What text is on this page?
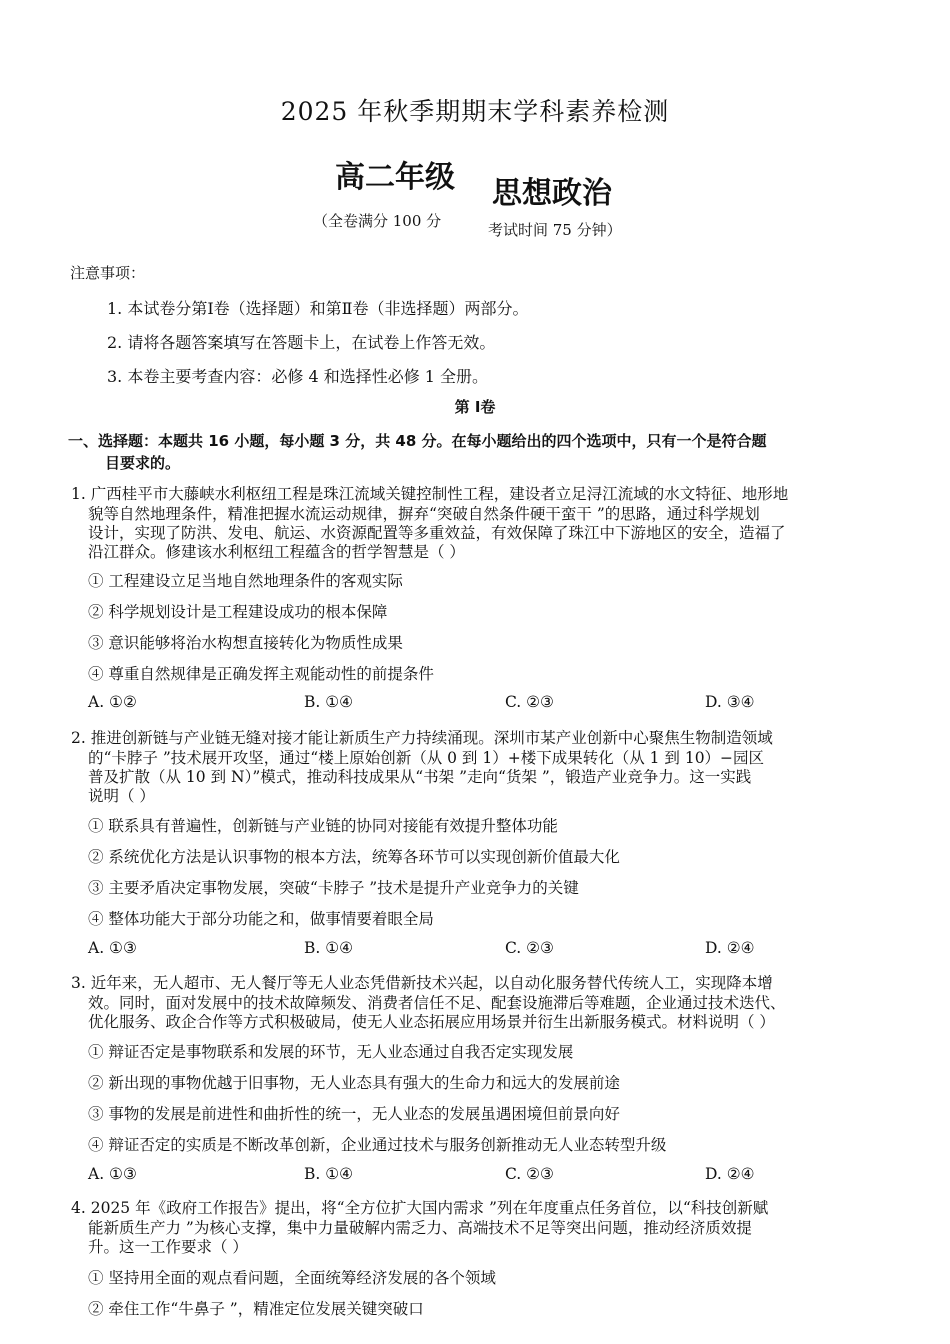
2025 年秋季期期末学科素养检测
高二年级 思想政治
（全卷满分 100 分	考试时间 75 分钟）
注意事项：
1. 本试卷分第Ⅰ卷（选择题）和第Ⅱ卷（非选择题）两部分。
2. 请将各题答案填写在答题卡上，在试卷上作答无效。
3. 本卷主要考查内容：必修 4 和选择性必修 1 全册。
第 Ⅰ卷
一、选择题：本题共 16 小题，每小题 3 分，共 48 分。在每小题给出的四个选项中，只有一个是符合题
目要求的。
1. 广西桂平市大藤峡水利枢纽工程是珠江流域关键控制性工程，建设者立足浔江流域的水文特征、地形地
貌等自然地理条件，精准把握水流运动规律，摒弃“突破自然条件硬干蛮干 ”的思路，通过科学规划
设计，实现了防洪、发电、航运、水资源配置等多重效益，有效保障了珠江中下游地区的安全，造福了
沿江群众。修建该水利枢纽工程蕴含的哲学智慧是（ ）
① 工程建设立足当地自然地理条件的客观实际
② 科学规划设计是工程建设成功的根本保障
③ 意识能够将治水构想直接转化为物质性成果
④ 尊重自然规律是正确发挥主观能动性的前提条件
A. ①②	B. ①④	C. ②③	D. ③④
2. 推进创新链与产业链无缝对接才能让新质生产力持续涌现。深圳市某产业创新中心聚焦生物制造领域
的“卡脖子 ”技术展开攻坚，通过“楼上原始创新（从 0 到 1）+楼下成果转化（从 1 到 10）−园区
普及扩散（从 10 到 N）”模式，推动科技成果从“书架 ”走向“货架 ”，锻造产业竞争力。这一实践
说明（ ）
① 联系具有普遍性，创新链与产业链的协同对接能有效提升整体功能
② 系统优化方法是认识事物的根本方法，统筹各环节可以实现创新价值最大化
③ 主要矛盾决定事物发展，突破“卡脖子 ”技术是提升产业竞争力的关键
④ 整体功能大于部分功能之和，做事情要着眼全局
A. ①③	B. ①④	C. ②③	D. ②④
3. 近年来，无人超市、无人餐厅等无人业态凭借新技术兴起，以自动化服务替代传统人工，实现降本增
效。同时，面对发展中的技术故障频发、消费者信任不足、配套设施滞后等难题，企业通过技术迭代、
优化服务、政企合作等方式积极破局，使无人业态拓展应用场景并衍生出新服务模式。材料说明（ ）
① 辩证否定是事物联系和发展的环节，无人业态通过自我否定实现发展
② 新出现的事物优越于旧事物，无人业态具有强大的生命力和远大的发展前途
③ 事物的发展是前进性和曲折性的统一，无人业态的发展虽遇困境但前景向好
④ 辩证否定的实质是不断改革创新，企业通过技术与服务创新推动无人业态转型升级
A. ①③	B. ①④	C. ②③	D. ②④
4. 2025 年《政府工作报告》提出，将“全方位扩大国内需求 ”列在年度重点任务首位，以“科技创新赋
能新质生产力 ”为核心支撑，集中力量破解内需乏力、高端技术不足等突出问题，推动经济质效提
升。这一工作要求（ ）
① 坚持用全面的观点看问题，全面统筹经济发展的各个领域
② 牵住工作“牛鼻子 ”，精准定位发展关键突破口
